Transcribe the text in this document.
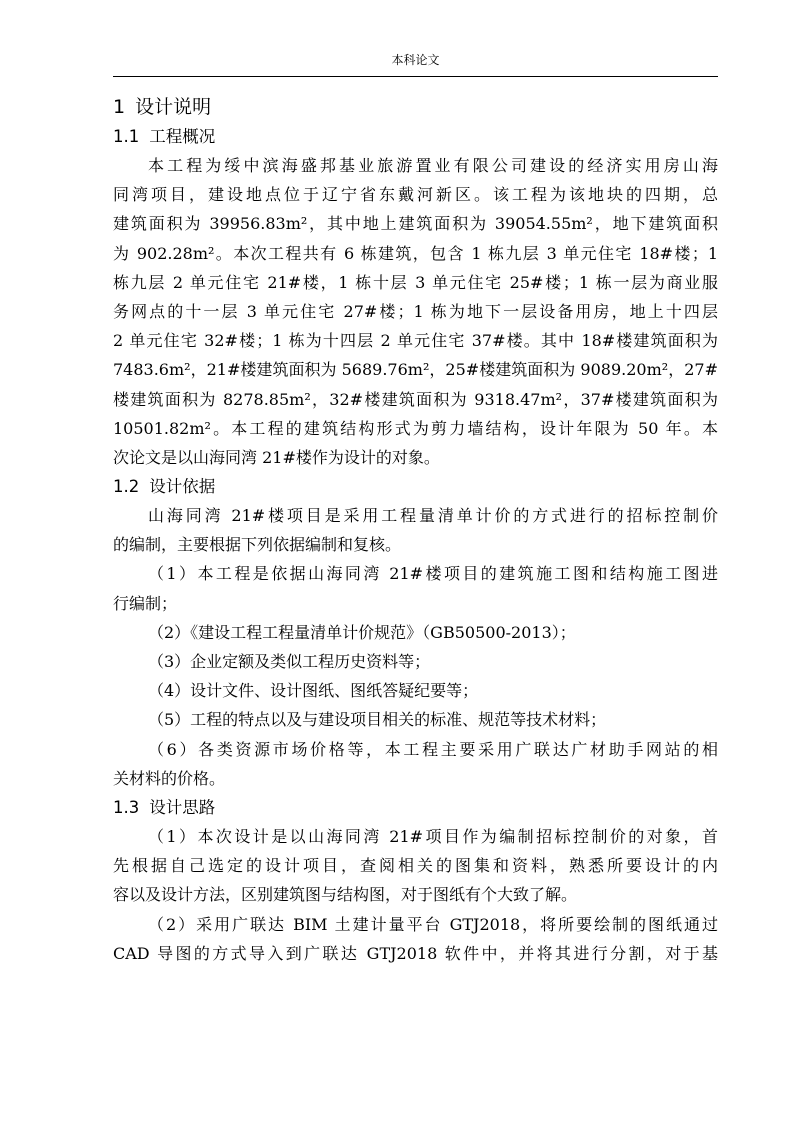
本科论文
1 设计说明
1.1 工程概况
本工程为绥中滨海盛邦基业旅游置业有限公司建设的经济实用房山海
同湾项目，建设地点位于辽宁省东戴河新区。该工程为该地块的四期，总
建筑面积为 39956.83m²，其中地上建筑面积为 39054.55m²，地下建筑面积
为 902.28m²。本次工程共有 6 栋建筑，包含 1 栋九层 3 单元住宅 18#楼；1
栋九层 2 单元住宅 21#楼，1 栋十层 3 单元住宅 25#楼；1 栋一层为商业服
务网点的十一层 3 单元住宅 27#楼；1 栋为地下一层设备用房，地上十四层
2 单元住宅 32#楼；1 栋为十四层 2 单元住宅 37#楼。其中 18#楼建筑面积为
7483.6m²，21#楼建筑面积为 5689.76m²，25#楼建筑面积为 9089.20m²，27#
楼建筑面积为 8278.85m²，32#楼建筑面积为 9318.47m²，37#楼建筑面积为
10501.82m²。本工程的建筑结构形式为剪力墙结构，设计年限为 50 年。本
次论文是以山海同湾 21#楼作为设计的对象。
1.2 设计依据
山海同湾 21#楼项目是采用工程量清单计价的方式进行的招标控制价
的编制，主要根据下列依据编制和复核。
（1）本工程是依据山海同湾 21#楼项目的建筑施工图和结构施工图进
行编制；
（2）《建设工程工程量清单计价规范》（GB50500-2013）；
（3）企业定额及类似工程历史资料等；
（4）设计文件、设计图纸、图纸答疑纪要等；
（5）工程的特点以及与建设项目相关的标准、规范等技术材料；
（6）各类资源市场价格等，本工程主要采用广联达广材助手网站的相
关材料的价格。
1.3 设计思路
（1）本次设计是以山海同湾 21#项目作为编制招标控制价的对象，首
先根据自己选定的设计项目，查阅相关的图集和资料，熟悉所要设计的内
容以及设计方法，区别建筑图与结构图，对于图纸有个大致了解。
（2）采用广联达 BIM 土建计量平台 GTJ2018，将所要绘制的图纸通过
CAD 导图的方式导入到广联达 GTJ2018 软件中，并将其进行分割，对于基
